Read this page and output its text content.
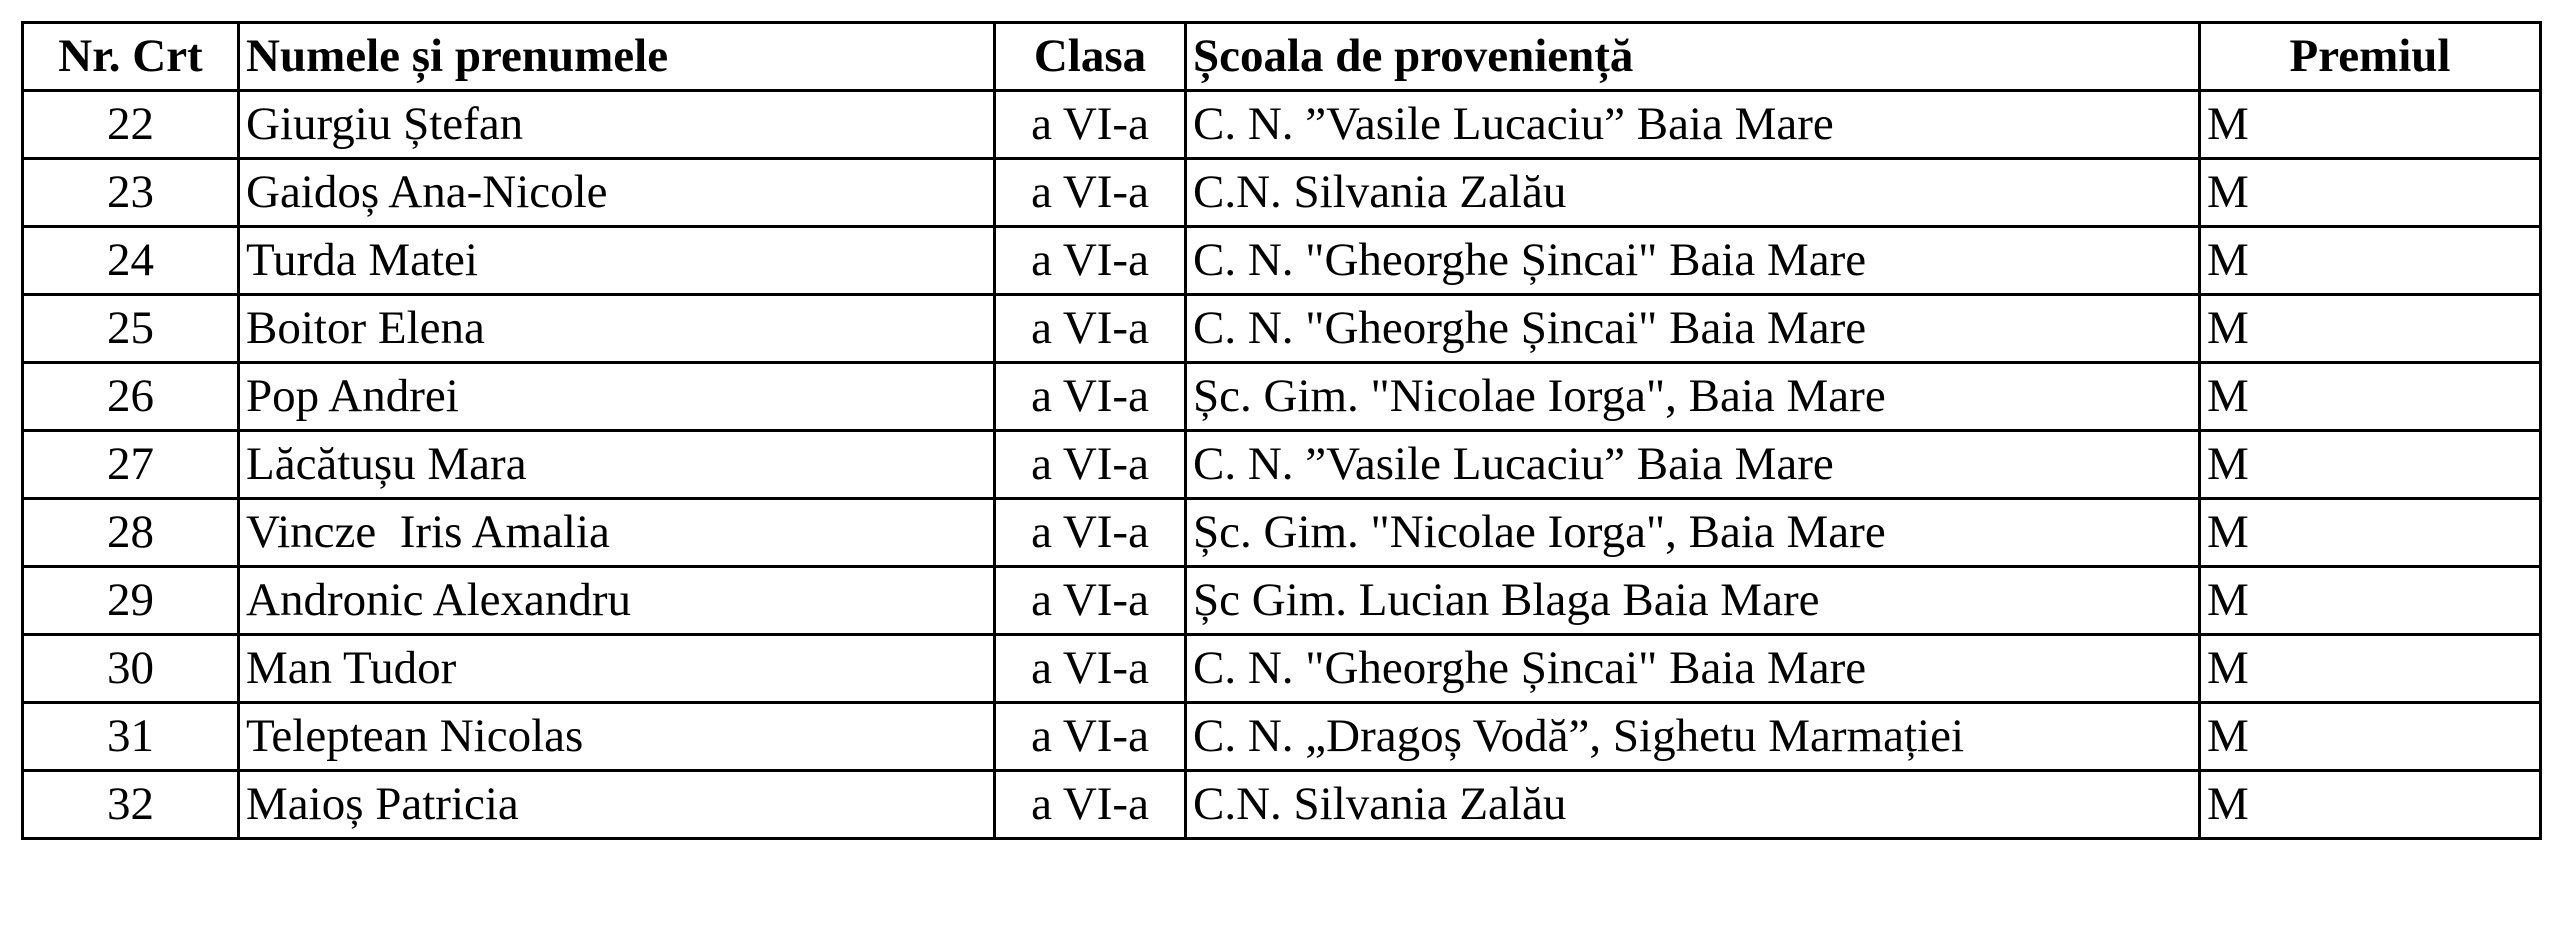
Nr. Crt	Numele și prenumele	Clasa	Școala de proveniență	Premiul
22	Giurgiu Ștefan	a VI-a	C. N. ”Vasile Lucaciu” Baia Mare	M
23	Gaidoș Ana-Nicole	a VI-a	C.N. Silvania Zalău	M
24	Turda Matei	a VI-a	C. N. "Gheorghe Șincai" Baia Mare	M
25	Boitor Elena	a VI-a	C. N. "Gheorghe Șincai" Baia Mare	M
26	Pop Andrei	a VI-a	Șc. Gim. "Nicolae Iorga", Baia Mare	M
27	Lăcătușu Mara	a VI-a	C. N. ”Vasile Lucaciu” Baia Mare	M
28	Vincze  Iris Amalia	a VI-a	Șc. Gim. "Nicolae Iorga", Baia Mare	M
29	Andronic Alexandru	a VI-a	Șc Gim. Lucian Blaga Baia Mare	M
30	Man Tudor	a VI-a	C. N. "Gheorghe Șincai" Baia Mare	M
31	Teleptean Nicolas	a VI-a	C. N. „Dragoș Vodă”, Sighetu Marmației	M
32	Maioș Patricia	a VI-a	C.N. Silvania Zalău	M
